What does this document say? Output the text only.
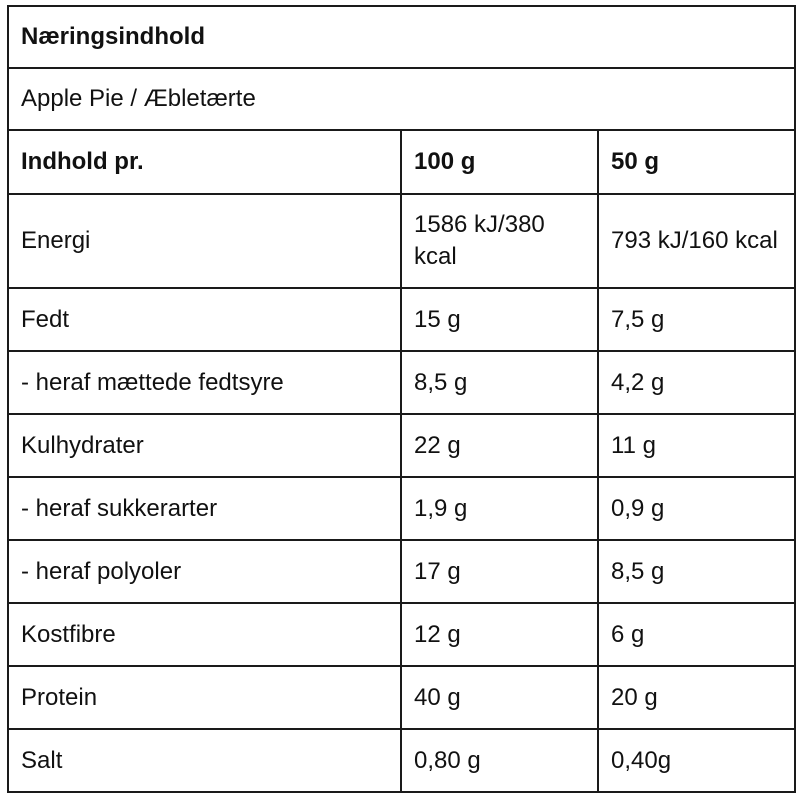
Næringsindhold		
Apple Pie / Æbletærte		
Indhold pr.	100 g	50 g
Energi	1586 kJ/380 kcal	793 kJ/160 kcal
Fedt	15 g	7,5 g
- heraf mættede fedtsyre	8,5 g	4,2 g
Kulhydrater	22 g	11 g
- heraf sukkerarter	1,9 g	0,9 g
- heraf polyoler	17 g	8,5 g
Kostfibre	12 g	6 g
Protein	40 g	20 g
Salt	0,80 g	0,40g
